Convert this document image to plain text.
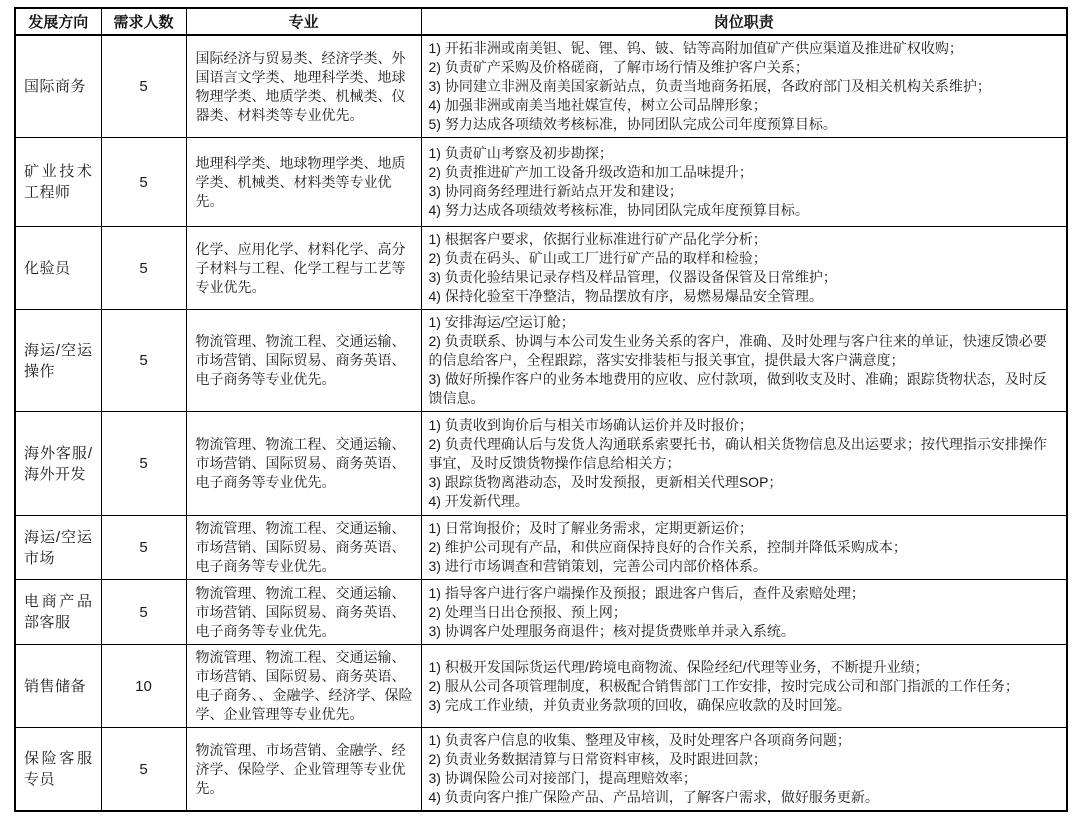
发展方向	需求人数	专业	岗位职责
国际商务	5	国际经济与贸易类、经济学类、外国语言文学类、地理科学类、地球物理学类、地质学类、机械类、仪器类、材料类等专业优先。	1) 开拓非洲或南美钽、铌、锂、钨、铍、钴等高附加值矿产供应渠道及推进矿权收购；
2) 负责矿产采购及价格磋商，了解市场行情及维护客户关系；
3) 协同建立非洲及南美国家新站点，负责当地商务拓展，各政府部门及相关机构关系维护；
4) 加强非洲或南美当地社媒宣传，树立公司品牌形象；
5) 努力达成各项绩效考核标准，协同团队完成公司年度预算目标。

矿业技术工程师	5	地理科学类、地球物理学类、地质学类、机械类、材料类等专业优先。	1) 负责矿山考察及初步勘探；
2) 负责推进矿产加工设备升级改造和加工品味提升；
3) 协同商务经理进行新站点开发和建设；
4) 努力达成各项绩效考核标准，协同团队完成年度预算目标。

化验员	5	化学、应用化学、材料化学、高分子材料与工程、化学工程与工艺等专业优先。	1) 根据客户要求，依据行业标准进行矿产品化学分析；
2) 负责在码头、矿山或工厂进行矿产品的取样和检验；
3) 负责化验结果记录存档及样品管理，仪器设备保管及日常维护；
4) 保持化验室干净整洁，物品摆放有序，易燃易爆品安全管理。

海运/空运操作	5	物流管理、物流工程、交通运输、市场营销、国际贸易、商务英语、电子商务等专业优先。	1) 安排海运/空运订舱；
2) 负责联系、协调与本公司发生业务关系的客户，准确、及时处理与客户往来的单证，快速反馈必要的信息给客户，全程跟踪，落实安排装柜与报关事宜，提供最大客户满意度；
3) 做好所操作客户的业务本地费用的应收、应付款项，做到收支及时、准确；跟踪货物状态，及时反馈信息。

海外客服/海外开发	5	物流管理、物流工程、交通运输、市场营销、国际贸易、商务英语、电子商务等专业优先。	1) 负责收到询价后与相关市场确认运价并及时报价；
2) 负责代理确认后与发货人沟通联系索要托书，确认相关货物信息及出运要求；按代理指示安排操作事宜，及时反馈货物操作信息给相关方；
3) 跟踪货物离港动态，及时发预报，更新相关代理SOP；
4) 开发新代理。

海运/空运市场	5	物流管理、物流工程、交通运输、市场营销、国际贸易、商务英语、电子商务等专业优先。	1) 日常询报价；及时了解业务需求，定期更新运价；
2) 维护公司现有产品，和供应商保持良好的合作关系，控制并降低采购成本；
3) 进行市场调查和营销策划，完善公司内部价格体系。

电商产品部客服	5	物流管理、物流工程、交通运输、市场营销、国际贸易、商务英语、电子商务等专业优先。	1) 指导客户进行客户端操作及预报；跟进客户售后，查件及索赔处理；
2) 处理当日出仓预报、预上网；
3) 协调客户处理服务商退件；核对提货费账单并录入系统。

销售储备	10	物流管理、物流工程、交通运输、市场营销、国际贸易、商务英语、电子商务、、金融学、经济学、保险学、企业管理等专业优先。	1) 积极开发国际货运代理/跨境电商物流、保险经纪/代理等业务，不断提升业绩；
2) 服从公司各项管理制度，积极配合销售部门工作安排，按时完成公司和部门指派的工作任务；
3) 完成工作业绩，并负责业务款项的回收，确保应收款的及时回笼。

保险客服专员	5	物流管理、市场营销、金融学、经济学、保险学、企业管理等专业优先。	1) 负责客户信息的收集、整理及审核，及时处理客户各项商务问题；
2) 负责业务数据清算与日常资料审核，及时跟进回款；
3) 协调保险公司对接部门，提高理赔效率；
4) 负责向客户推广保险产品、产品培训，了解客户需求，做好服务更新。
